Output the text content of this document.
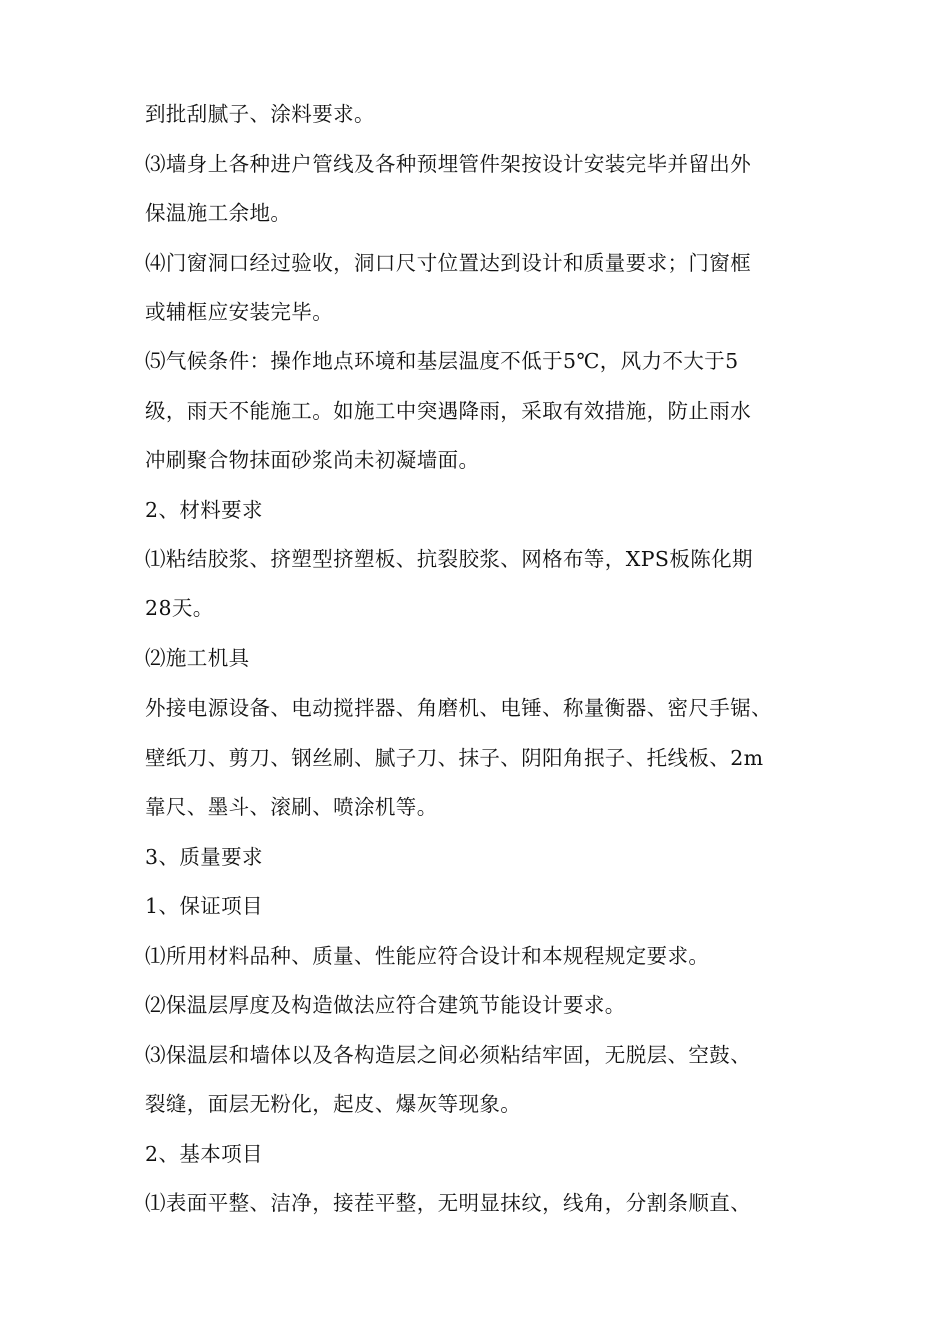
到批刮腻子、涂料要求。
⑶墙身上各种进户管线及各种预埋管件架按设计安装完毕并留出外
保温施工余地。
⑷门窗洞口经过验收，洞口尺寸位置达到设计和质量要求；门窗框
或辅框应安装完毕。
⑸气候条件：操作地点环境和基层温度不低于5℃，风力不大于5
级，雨天不能施工。如施工中突遇降雨，采取有效措施，防止雨水
冲刷聚合物抹面砂浆尚未初凝墙面。
2、材料要求
⑴粘结胶浆、挤塑型挤塑板、抗裂胶浆、网格布等，XPS板陈化期
28天。
⑵施工机具
外接电源设备、电动搅拌器、角磨机、电锤、称量衡器、密尺手锯、
壁纸刀、剪刀、钢丝刷、腻子刀、抹子、阴阳角抿子、托线板、2m
靠尺、墨斗、滚刷、喷涂机等。
3、质量要求
1、保证项目
⑴所用材料品种、质量、性能应符合设计和本规程规定要求。
⑵保温层厚度及构造做法应符合建筑节能设计要求。
⑶保温层和墙体以及各构造层之间必须粘结牢固，无脱层、空鼓、
裂缝，面层无粉化，起皮、爆灰等现象。
2、基本项目
⑴表面平整、洁净，接茬平整，无明显抹纹，线角，分割条顺直、
